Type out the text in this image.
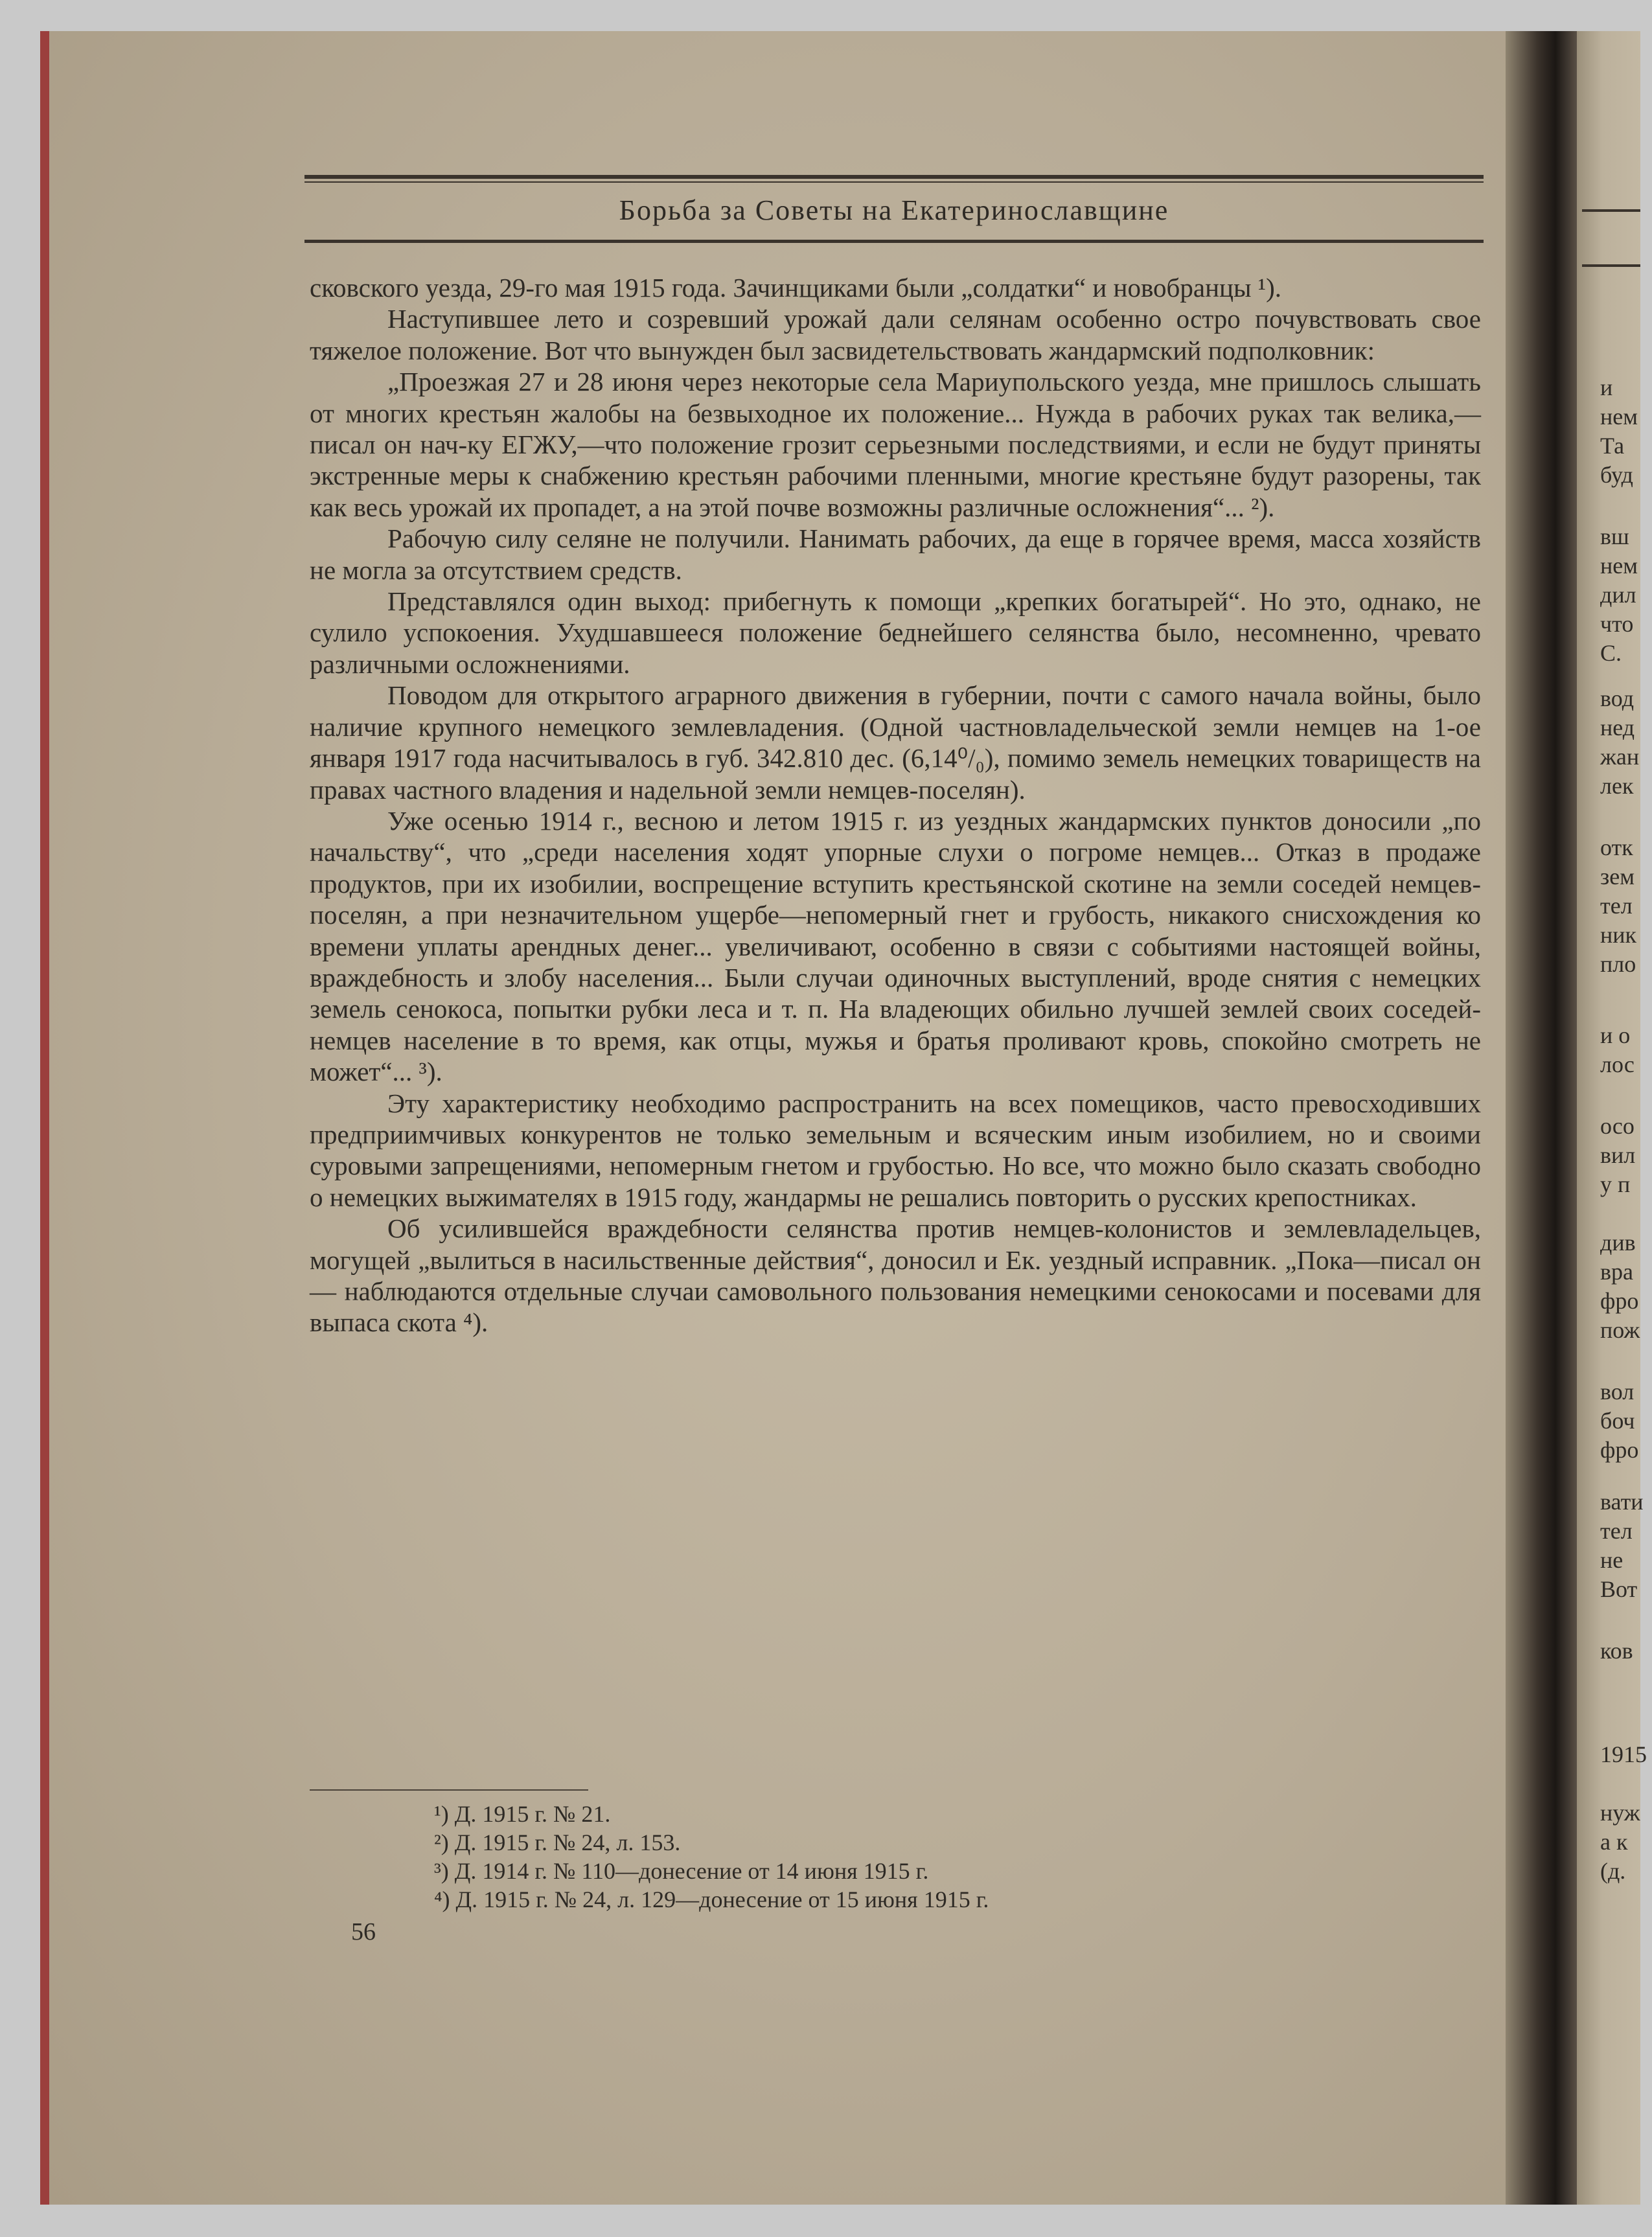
и
нем
Та
буд
вш
нем
дил
что
С.
вод
нед
жан
лек
отк
зем
тел
ник
пло
и о
лос
осо
вил
у п
див
вра
фро
пож
вол
боч
фро
вати
тел
не
Вот
ков
1915
нуж
а к
(д.
Борьба за Советы на Екатеринославщине

сковского уезда, 29-го мая 1915 года. Зачинщиками были „солдатки“ и новобранцы ¹).

Наступившее лето и созревший урожай дали селянам особенно остро почувствовать свое тяжелое положение. Вот что вынужден был засвидетельствовать жандармский подполковник:

„Проезжая 27 и 28 июня через некоторые села Мариупольского уезда, мне пришлось слышать от многих крестьян жалобы на безвыходное их положение... Нужда в рабочих руках так велика,—писал он нач-ку ЕГЖУ,—что положение грозит серьезными последствиями, и если не будут приняты экстренные меры к снабжению крестьян рабочими пленными, многие крестьяне будут разорены, так как весь урожай их пропадет, а на этой почве возможны различные осложнения“... ²).

Рабочую силу селяне не получили. Нанимать рабочих, да еще в горячее время, масса хозяйств не могла за отсутствием средств.

Представлялся один выход: прибегнуть к помощи „крепких богатырей“. Но это, однако, не сулило успокоения. Ухудшавшееся положение беднейшего селянства было, несомненно, чревато различными осложнениями.

Поводом для открытого аграрного движения в губернии, почти с самого начала войны, было наличие крупного немецкого землевладения. (Одной частновладельческой земли немцев на 1-ое января 1917 года насчитывалось в губ. 342.810 дес. (6,14⁰/₀), помимо земель немецких товариществ на правах частного владения и надельной земли немцев-поселян).

Уже осенью 1914 г., весною и летом 1915 г. из уездных жандармских пунктов доносили „по начальству“, что „среди населения ходят упорные слухи о погроме немцев... Отказ в продаже продуктов, при их изобилии, воспрещение вступить крестьянской скотине на земли соседей немцев-поселян, а при незначительном ущербе—непомерный гнет и грубость, никакого снисхождения ко времени уплаты арендных денег... увеличивают, особенно в связи с событиями настоящей войны, враждебность и злобу населения... Были случаи одиночных выступлений, вроде снятия с немецких земель сенокоса, попытки рубки леса и т. п. На владеющих обильно лучшей землей своих соседей-немцев население в то время, как отцы, мужья и братья проливают кровь, спокойно смотреть не может“... ³).

Эту характеристику необходимо распространить на всех помещиков, часто превосходивших предприимчивых конкурентов не только земельным и всяческим иным изобилием, но и своими суровыми запрещениями, непомерным гнетом и грубостью. Но все, что можно было сказать свободно о немецких выжимателях в 1915 году, жандармы не решались повторить о русских крепостниках.

Об усилившейся враждебности селянства против немцев-колонистов и землевладельцев, могущей „вылиться в насильственные действия“, доносил и Ек. уездный исправник. „Пока—писал он— наблюдаются отдельные случаи самовольного пользования немецкими сенокосами и посевами для выпаса скота ⁴).

¹) Д. 1915 г. № 21.
²) Д. 1915 г. № 24, л. 153.
³) Д. 1914 г. № 110—донесение от 14 июня 1915 г.
⁴) Д. 1915 г. № 24, л. 129—донесение от 15 июня 1915 г.
56
